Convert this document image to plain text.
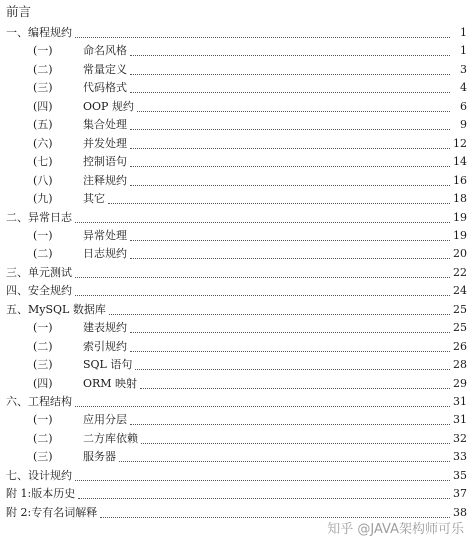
前言
一、 编程规约	1
(一)	命名风格	1
(二)	常量定义	3
(三)	代码格式	4
(四)	OOP 规约	6
(五)	集合处理	9
(六)	并发处理	12
(七)	控制语句	14
(八)	注释规约	16
(九)	其它	18
二、 异常日志	19
(一)	异常处理	19
(二)	日志规约	20
三、 单元测试	22
四、 安全规约	24
五、 MySQL 数据库	25
(一)	建表规约	25
(二)	索引规约	26
(三)	SQL 语句	28
(四)	ORM 映射	29
六、 工程结构	31
(一)	应用分层	31
(二)	二方库依赖	32
(三)	服务器	33
七、 设计规约	35
附 1: 版本历史	37
附 2: 专有名词解释	38
知乎 @JAVA架构师可乐
